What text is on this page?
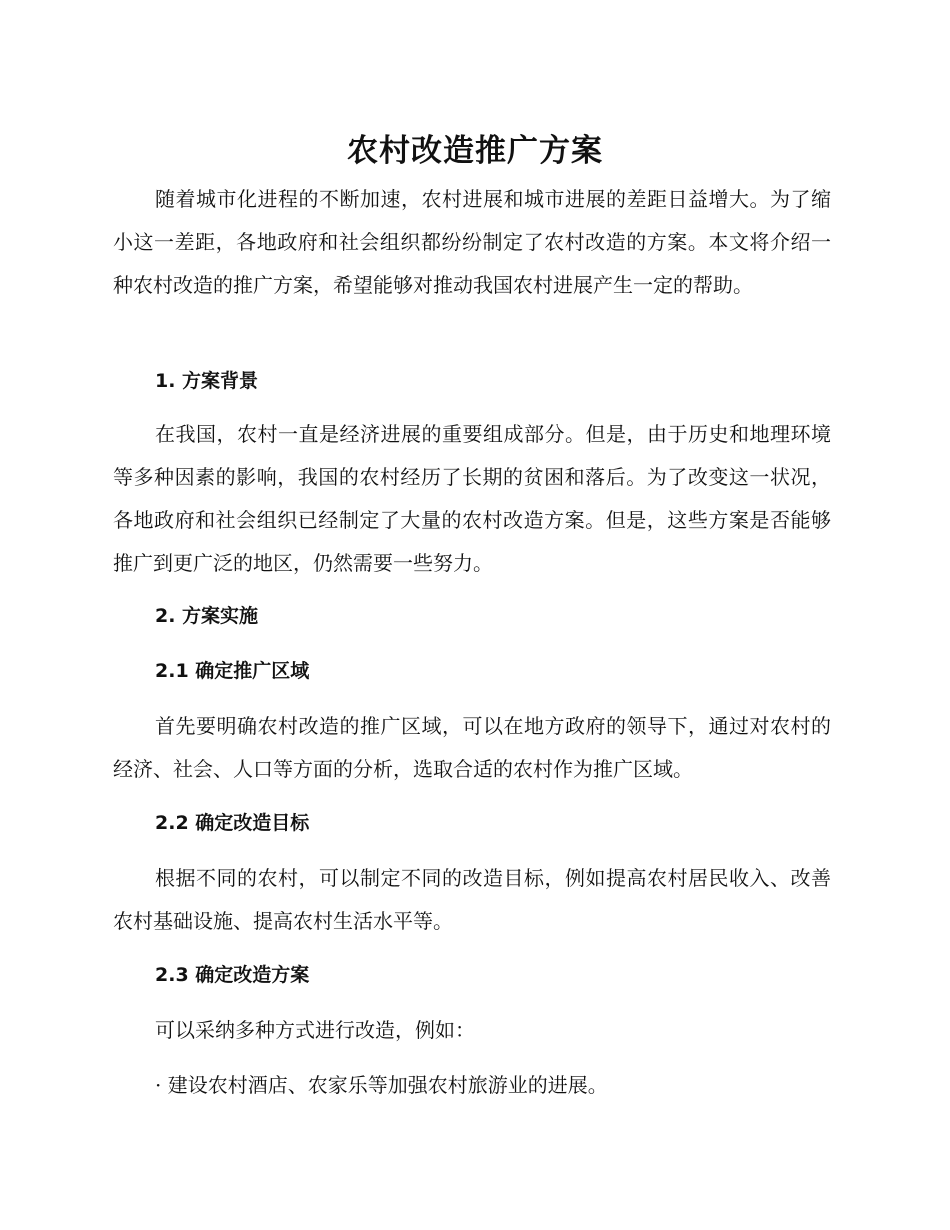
农村改造推广方案

随着城市化进程的不断加速，农村进展和城市进展的差距日益增大。为了缩小这一差距，各地政府和社会组织都纷纷制定了农村改造的方案。本文将介绍一种农村改造的推广方案，希望能够对推动我国农村进展产生一定的帮助。

1. 方案背景

在我国，农村一直是经济进展的重要组成部分。但是，由于历史和地理环境等多种因素的影响，我国的农村经历了长期的贫困和落后。为了改变这一状况，各地政府和社会组织已经制定了大量的农村改造方案。但是，这些方案是否能够推广到更广泛的地区，仍然需要一些努力。

2. 方案实施
2.1 确定推广区域

首先要明确农村改造的推广区域，可以在地方政府的领导下，通过对农村的经济、社会、人口等方面的分析，选取合适的农村作为推广区域。

2.2 确定改造目标

根据不同的农村，可以制定不同的改造目标，例如提高农村居民收入、改善农村基础设施、提高农村生活水平等。

2.3 确定改造方案

可以采纳多种方式进行改造，例如：

· 建设农村酒店、农家乐等加强农村旅游业的进展。
